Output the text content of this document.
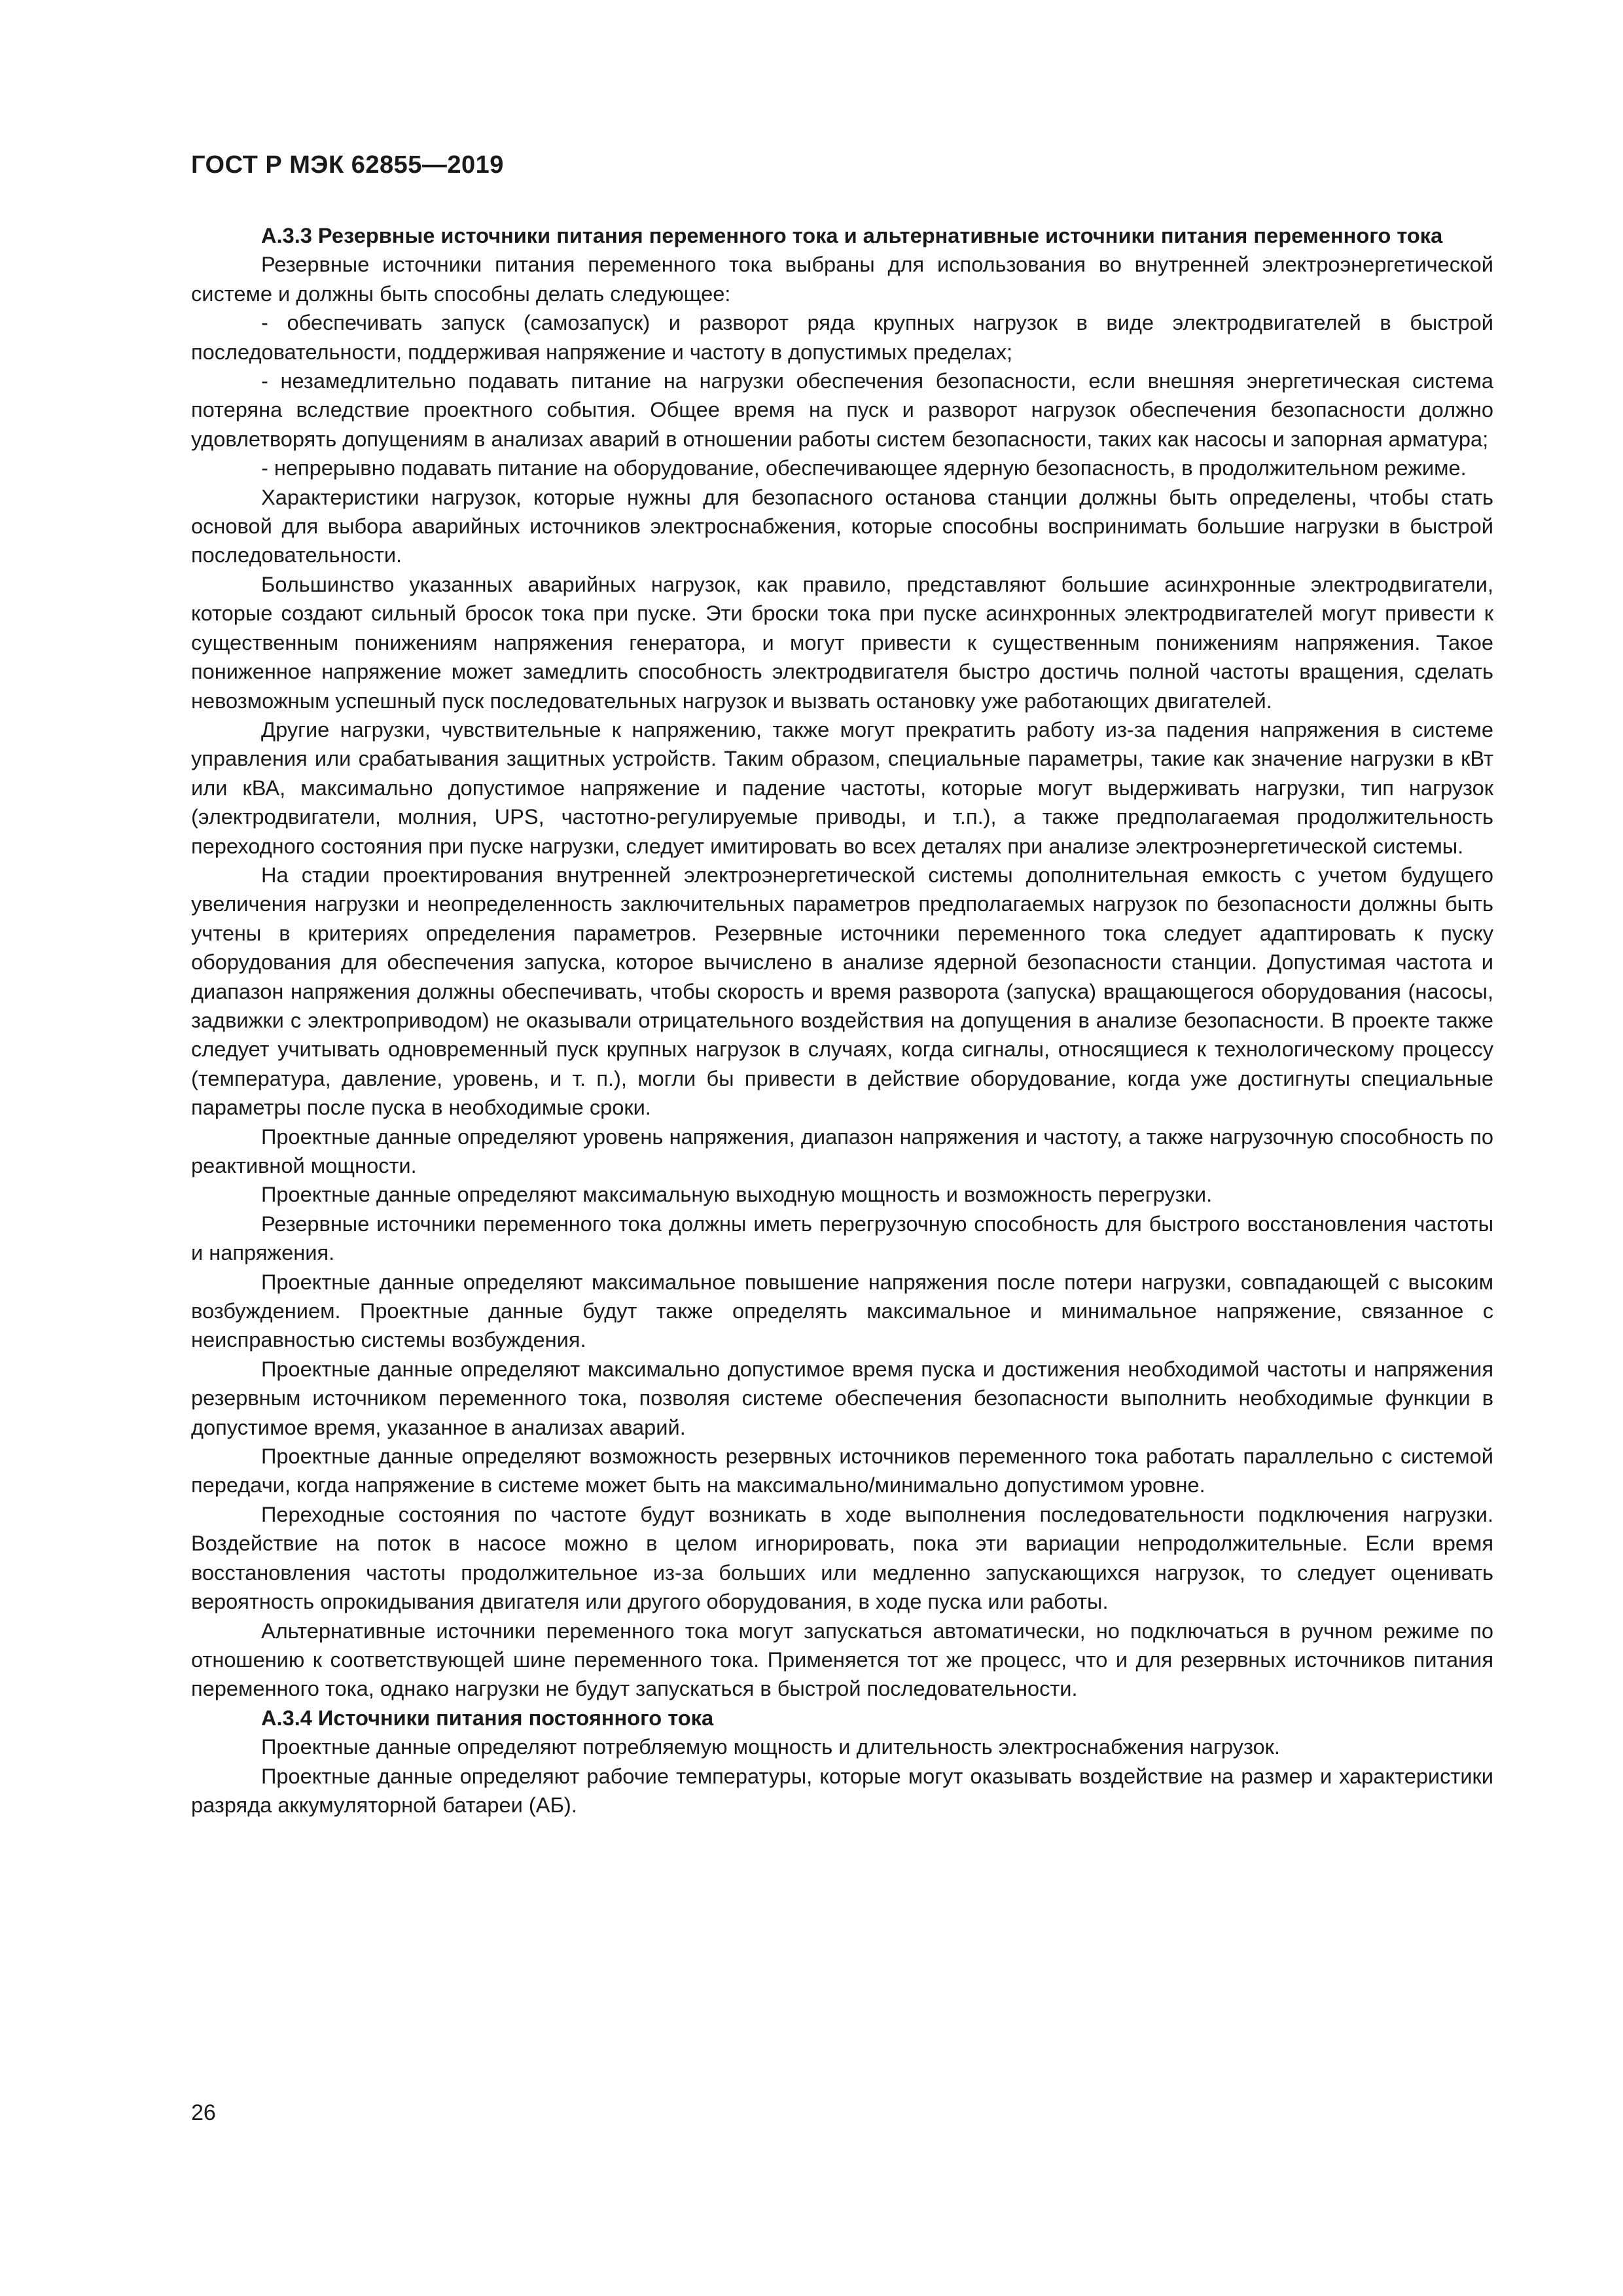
ГОСТ Р МЭК 62855—2019

А.3.3 Резервные источники питания переменного тока и альтернативные источники питания переменного тока

Резервные источники питания переменного тока выбраны для использования во внутренней электроэнергетической системе и должны быть способны делать следующее:

- обеспечивать запуск (самозапуск) и разворот ряда крупных нагрузок в виде электродвигателей в быстрой последовательности, поддерживая напряжение и частоту в допустимых пределах;

- незамедлительно подавать питание на нагрузки обеспечения безопасности, если внешняя энергетическая система потеряна вследствие проектного события. Общее время на пуск и разворот нагрузок обеспечения безопасности должно удовлетворять допущениям в анализах аварий в отношении работы систем безопасности, таких как насосы и запорная арматура;

- непрерывно подавать питание на оборудование, обеспечивающее ядерную безопасность, в продолжительном режиме.

Характеристики нагрузок, которые нужны для безопасного останова станции должны быть определены, чтобы стать основой для выбора аварийных источников электроснабжения, которые способны воспринимать большие нагрузки в быстрой последовательности.

Большинство указанных аварийных нагрузок, как правило, представляют большие асинхронные электродвигатели, которые создают сильный бросок тока при пуске. Эти броски тока при пуске асинхронных электродвигателей могут привести к существенным понижениям напряжения генератора, и могут привести к существенным понижениям напряжения. Такое пониженное напряжение может замедлить способность электродвигателя быстро достичь полной частоты вращения, сделать невозможным успешный пуск последовательных нагрузок и вызвать остановку уже работающих двигателей.

Другие нагрузки, чувствительные к напряжению, также могут прекратить работу из-за падения напряжения в системе управления или срабатывания защитных устройств. Таким образом, специальные параметры, такие как значение нагрузки в кВт или кВА, максимально допустимое напряжение и падение частоты, которые могут выдерживать нагрузки, тип нагрузок (электродвигатели, молния, UPS, частотно-регулируемые приводы, и т.п.), а также предполагаемая продолжительность переходного состояния при пуске нагрузки, следует имитировать во всех деталях при анализе электроэнергетической системы.

На стадии проектирования внутренней электроэнергетической системы дополнительная емкость с учетом будущего увеличения нагрузки и неопределенность заключительных параметров предполагаемых нагрузок по безопасности должны быть учтены в критериях определения параметров. Резервные источники переменного тока следует адаптировать к пуску оборудования для обеспечения запуска, которое вычислено в анализе ядерной безопасности станции. Допустимая частота и диапазон напряжения должны обеспечивать, чтобы скорость и время разворота (запуска) вращающегося оборудования (насосы, задвижки с электроприводом) не оказывали отрицательного воздействия на допущения в анализе безопасности. В проекте также следует учитывать одновременный пуск крупных нагрузок в случаях, когда сигналы, относящиеся к технологическому процессу (температура, давление, уровень, и т. п.), могли бы привести в действие оборудование, когда уже достигнуты специальные параметры после пуска в необходимые сроки.

Проектные данные определяют уровень напряжения, диапазон напряжения и частоту, а также нагрузочную способность по реактивной мощности.

Проектные данные определяют максимальную выходную мощность и возможность перегрузки.

Резервные источники переменного тока должны иметь перегрузочную способность для быстрого восстановления частоты и напряжения.

Проектные данные определяют максимальное повышение напряжения после потери нагрузки, совпадающей с высоким возбуждением. Проектные данные будут также определять максимальное и минимальное напряжение, связанное с неисправностью системы возбуждения.

Проектные данные определяют максимально допустимое время пуска и достижения необходимой частоты и напряжения резервным источником переменного тока, позволяя системе обеспечения безопасности выполнить необходимые функции в допустимое время, указанное в анализах аварий.

Проектные данные определяют возможность резервных источников переменного тока работать параллельно с системой передачи, когда напряжение в системе может быть на максимально/минимально допустимом уровне.

Переходные состояния по частоте будут возникать в ходе выполнения последовательности подключения нагрузки. Воздействие на поток в насосе можно в целом игнорировать, пока эти вариации непродолжительные. Если время восстановления частоты продолжительное из-за больших или медленно запускающихся нагрузок, то следует оценивать вероятность опрокидывания двигателя или другого оборудования, в ходе пуска или работы.

Альтернативные источники переменного тока могут запускаться автоматически, но подключаться в ручном режиме по отношению к соответствующей шине переменного тока. Применяется тот же процесс, что и для резервных источников питания переменного тока, однако нагрузки не будут запускаться в быстрой последовательности.

А.3.4 Источники питания постоянного тока

Проектные данные определяют потребляемую мощность и длительность электроснабжения нагрузок.

Проектные данные определяют рабочие температуры, которые могут оказывать воздействие на размер и характеристики разряда аккумуляторной батареи (АБ).

26
